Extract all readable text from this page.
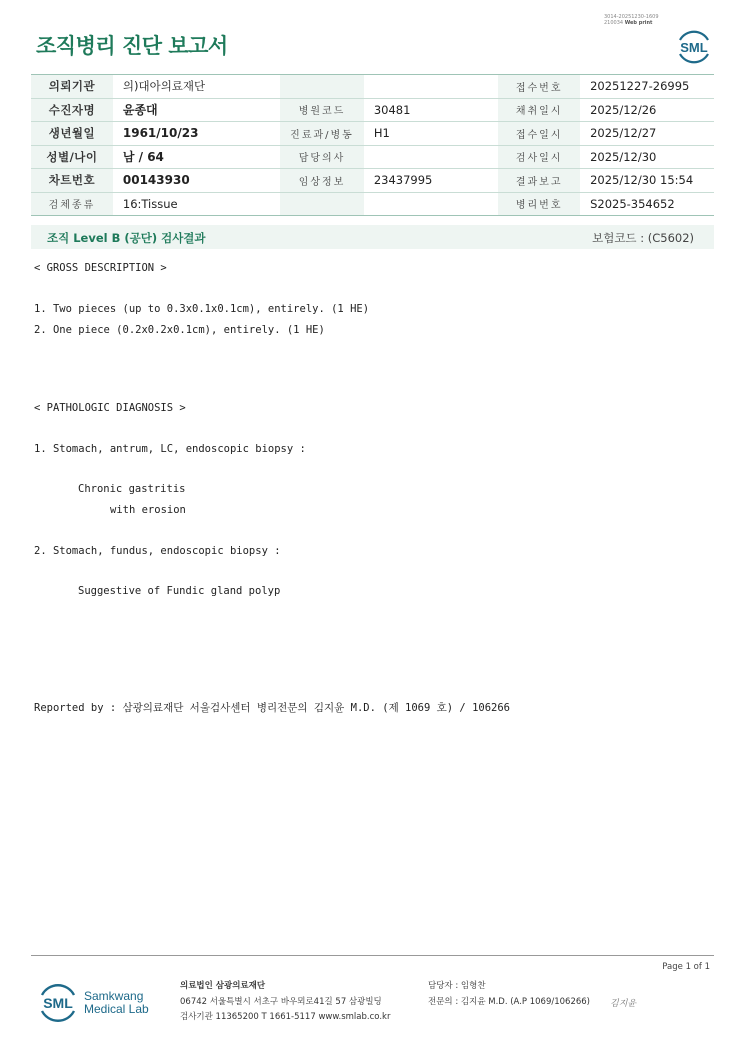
3014-20251230-1609
210034 Web print
조직병리 진단 보고서	SML
의뢰기관	의)대아의료재단			접수번호	20251227-26995
수진자명	윤종대	병원코드	30481	채취일시	2025/12/26
생년월일	1961/10/23	진료과/병동	H1	접수일시	2025/12/27
성별/나이	남 / 64	담당의사		검사일시	2025/12/30
차트번호	00143930	임상정보	23437995	결과보고	2025/12/30 15:54
검체종류	16:Tissue			병리번호	S2025-354652
조직 Level B (공단) 검사결과	보험코드 : (C5602)
< GROSS DESCRIPTION >
1. Two pieces (up to 0.3x0.1x0.1cm), entirely. (1 HE)
2. One piece (0.2x0.2x0.1cm), entirely. (1 HE)
< PATHOLOGIC DIAGNOSIS >
1. Stomach, antrum, LC, endoscopic biopsy :
Chronic gastritis
with erosion
2. Stomach, fundus, endoscopic biopsy :
Suggestive of Fundic gland polyp
Reported by : 삼광의료재단 서울검사센터 병리전문의 김지윤 M.D. (제 1069 호) / 106266
Page 1 of 1
SML Samkwang
Medical Lab
의료법인 삼광의료재단
06742 서울특별시 서초구 바우뫼로41길 57 삼광빌딩
검사기관 11365200 T 1661-5117 www.smlab.co.kr
담당자 : 임형찬
전문의 : 김지윤 M.D. (A.P 1069/106266) 김지윤
